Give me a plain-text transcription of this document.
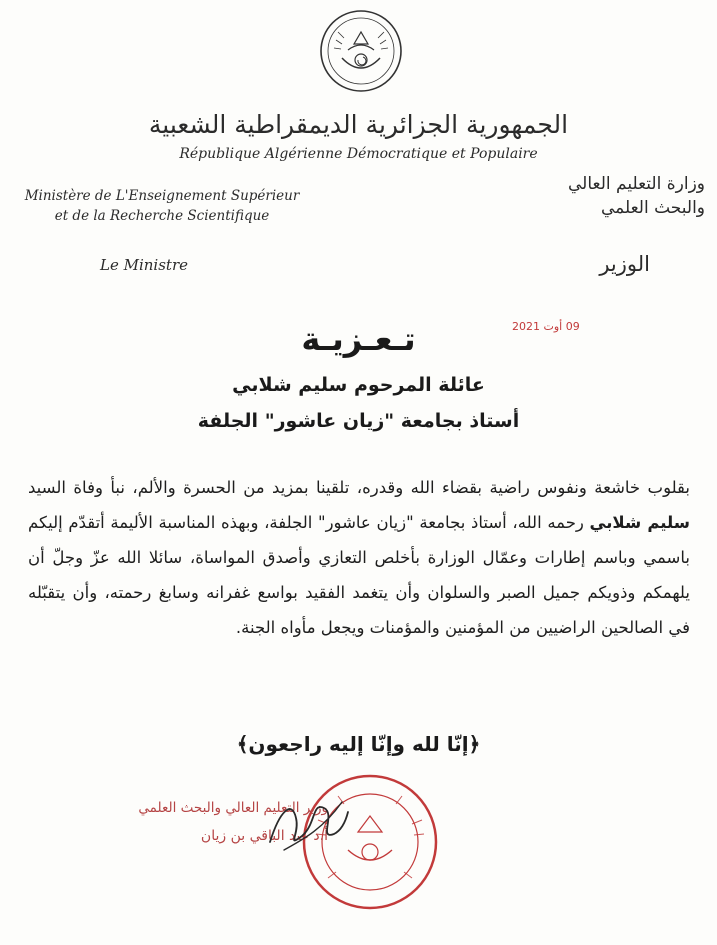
الجمهورية الجزائرية الديمقراطية الشعبية
République Algérienne Démocratique et Populaire
Ministère de L'Enseignement Supérieur
et de la Recherche Scientifique
Le Ministre
وزارة التعليم العالي
والبحث العلمي
الوزير
09 أوت 2021
تـعـزيـة
عائلة المرحوم سليم شلابي
أستاذ بجامعة "زيان عاشور" الجلفة

بقلوب خاشعة ونفوس راضية بقضاء الله وقدره، تلقينا بمزيد من الحسرة والألم، نبأ وفاة السيد سليم شلابي رحمه الله، أستاذ بجامعة "زيان عاشور" الجلفة، وبهذه المناسبة الأليمة أتقدّم إليكم باسمي وباسم إطارات وعمّال الوزارة بأخلص التعازي وأصدق المواساة، سائلا الله عزّ وجلّ أن يلهمكم وذويكم جميل الصبر والسلوان وأن يتغمد الفقيد بواسع غفرانه وسابغ رحمته، وأن يتقبّله في الصالحين الراضيين من المؤمنين والمؤمنات ويجعل مأواه الجنة.

﴿إنّا لله وإنّا إليه راجعون﴾
وزير التعليم العالي والبحث العلمي
أ.د عبد الباقي بن زيان
